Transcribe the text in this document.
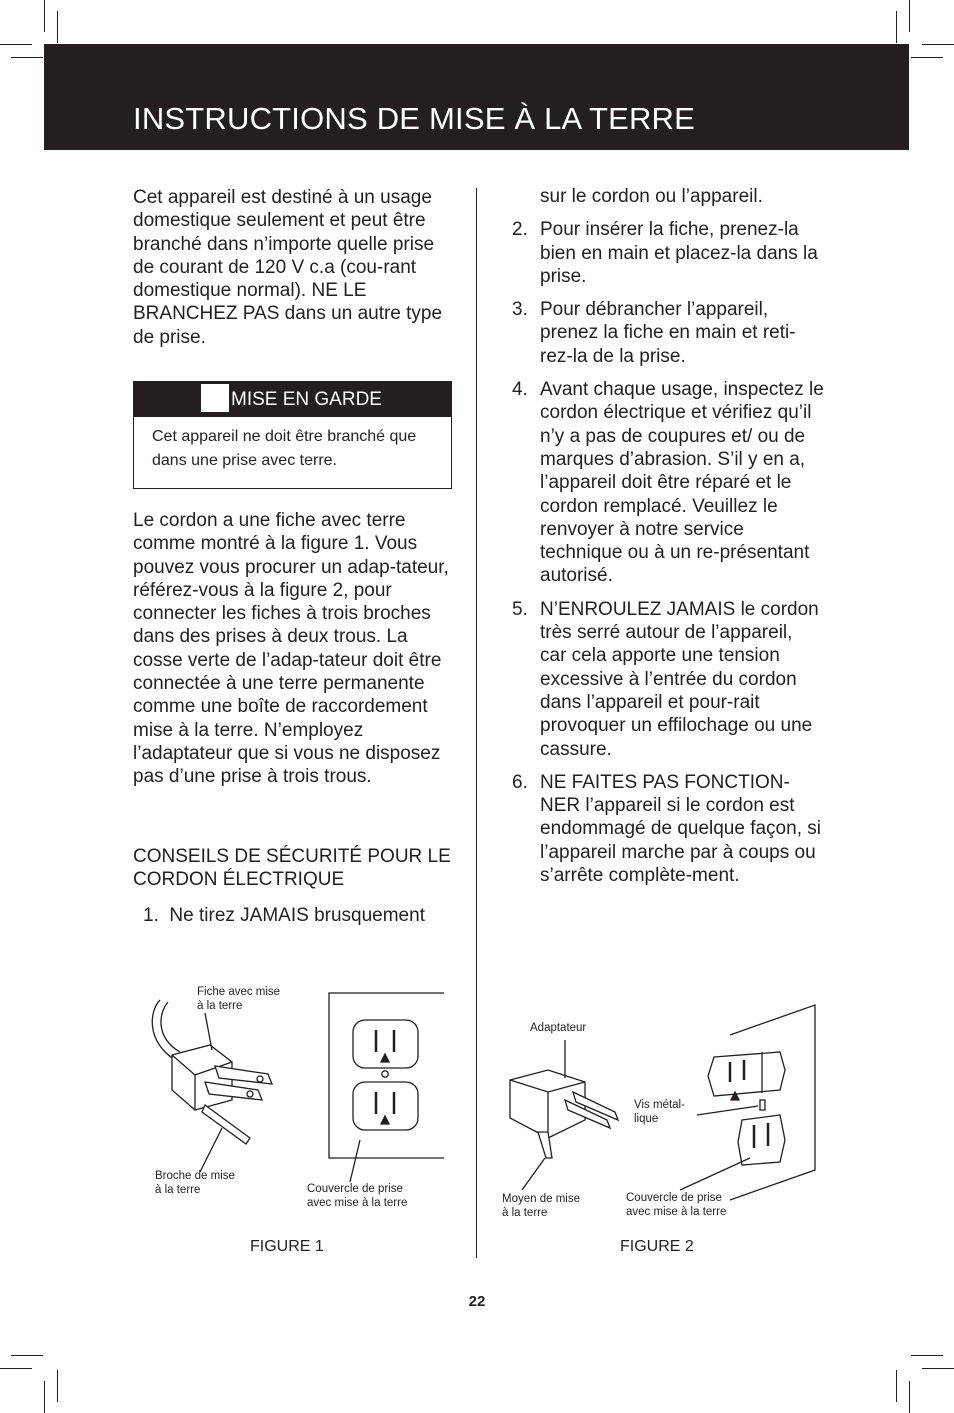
INSTRUCTIONS DE MISE À LA TERRE

Cet appareil est destiné à un usage domestique seulement et peut être branché dans n’importe quelle prise de courant de 120 V c.a (cou-rant domestique normal). NE LE BRANCHEZ PAS dans un autre type de prise.

MISE EN GARDE
Cet appareil ne doit être branché que dans une prise avec terre.

Le cordon a une fiche avec terre comme montré à la figure 1. Vous pouvez vous procurer un adap-tateur, référez-vous à la figure 2, pour connecter les fiches à trois broches dans des prises à deux trous. La cosse verte de l’adap-tateur doit être connectée à une terre permanente comme une boîte de raccordement mise à la terre. N’employez l’adaptateur que si vous ne disposez pas d’une prise à trois trous.

CONSEILS DE SÉCURITÉ POUR LE CORDON ÉLECTRIQUE

1. Ne tirez JAMAIS brusquement

sur le cordon ou l’appareil.

2. Pour insérer la fiche, prenez-la bien en main et placez-la dans la prise.
3. Pour débrancher l’appareil, prenez la fiche en main et reti-rez-la de la prise.
4. Avant chaque usage, inspectez le cordon électrique et vérifiez qu’il n’y a pas de coupures et/ ou de marques d’abrasion. S’il y en a, l’appareil doit être réparé et le cordon remplacé. Veuillez le renvoyer à notre service technique ou à un re-présentant autorisé.
5. N’ENROULEZ JAMAIS le cordon très serré autour de l’appareil, car cela apporte une tension excessive à l’entrée du cordon dans l’appareil et pour-rait provoquer un effilochage ou une cassure.
6. NE FAITES PAS FONCTION-NER l’appareil si le cordon est endommagé de quelque façon, si l’appareil marche par à coups ou s’arrête complète-ment.
Fiche avec mise
à la terre
Broche de mise
à la terre	Couvercle de prise
avec mise à la terre
FIGURE 1
Adaptateur
Vis métal-
lique
Moyen de mise
à la terre
Couvercle de prise
avec mise à la terre
FIGURE 2
22
